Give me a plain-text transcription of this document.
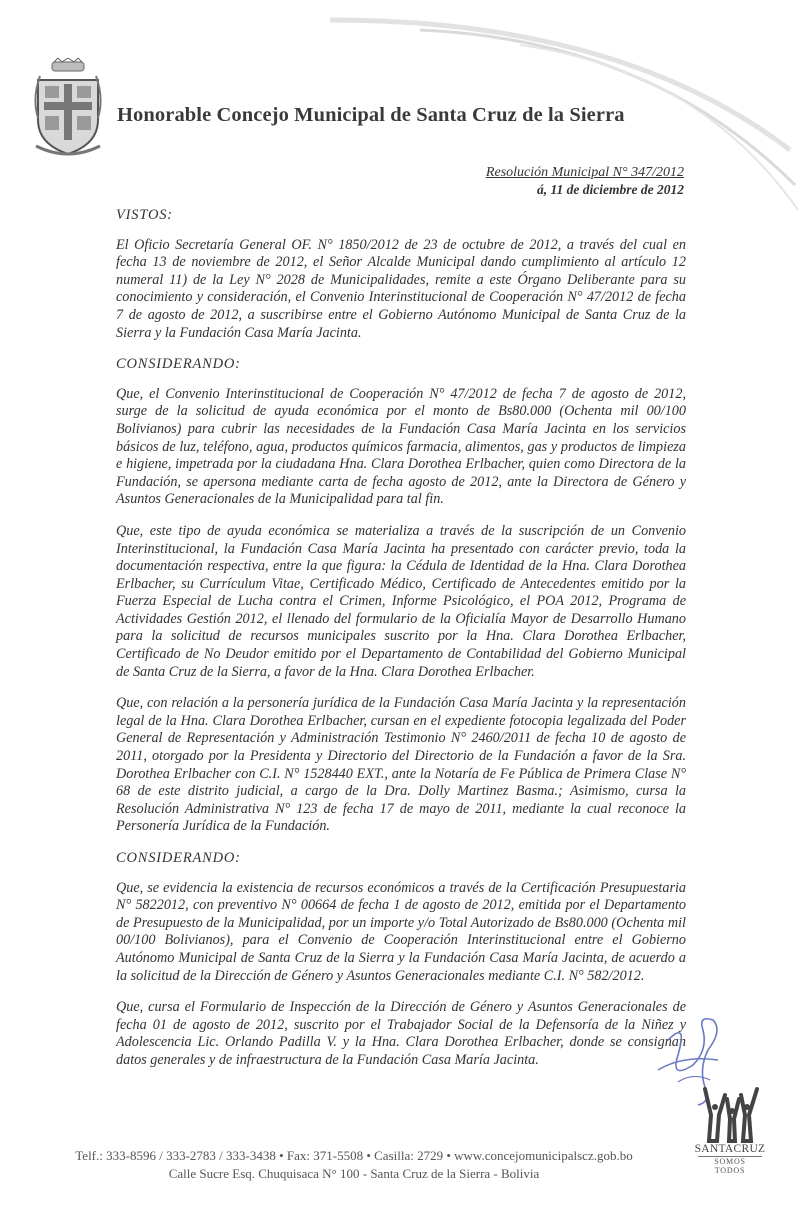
Honorable Concejo Municipal de Santa Cruz de la Sierra
Resolución Municipal N° 347/2012
á, 11 de diciembre de 2012
VISTOS:

El Oficio Secretaría General OF. N° 1850/2012 de 23 de octubre de 2012, a través del cual en fecha 13 de noviembre de 2012, el Señor Alcalde Municipal dando cumplimiento al artículo 12 numeral 11) de la Ley N° 2028 de Municipalidades, remite a este Órgano Deliberante para su conocimiento y consideración, el Convenio Interinstitucional de Cooperación N° 47/2012 de fecha 7 de agosto de 2012, a suscribirse entre el Gobierno Autónomo Municipal de Santa Cruz de la Sierra y la Fundación Casa María Jacinta.

CONSIDERANDO:

Que, el Convenio Interinstitucional de Cooperación N° 47/2012 de fecha 7 de agosto de 2012, surge de la solicitud de ayuda económica por el monto de Bs80.000 (Ochenta mil 00/100 Bolivianos) para cubrir las necesidades de la Fundación Casa María Jacinta en los servicios básicos de luz, teléfono, agua, productos químicos farmacia, alimentos, gas y productos de limpieza e higiene, impetrada por la ciudadana Hna. Clara Dorothea Erlbacher, quien como Directora de la Fundación, se apersona mediante carta de fecha agosto de 2012, ante la Directora de Género y Asuntos Generacionales de la Municipalidad para tal fin.

Que, este tipo de ayuda económica se materializa a través de la suscripción de un Convenio Interinstitucional, la Fundación Casa María Jacinta ha presentado con carácter previo, toda la documentación respectiva, entre la que figura: la Cédula de Identidad de la Hna. Clara Dorothea Erlbacher, su Currículum Vitae, Certificado Médico, Certificado de Antecedentes emitido por la Fuerza Especial de Lucha contra el Crimen, Informe Psicológico, el POA 2012, Programa de Actividades Gestión 2012, el llenado del formulario de la Oficialía Mayor de Desarrollo Humano para la solicitud de recursos municipales suscrito por la Hna. Clara Dorothea Erlbacher, Certificado de No Deudor emitido por el Departamento de Contabilidad del Gobierno Municipal de Santa Cruz de la Sierra, a favor de la Hna. Clara Dorothea Erlbacher.

Que, con relación a la personería jurídica de la Fundación Casa María Jacinta y la representación legal de la Hna. Clara Dorothea Erlbacher, cursan en el expediente fotocopia legalizada del Poder General de Representación y Administración Testimonio N° 2460/2011 de fecha 10 de agosto de 2011, otorgado por la Presidenta y Directorio del Directorio de la Fundación a favor de la Sra. Dorothea Erlbacher con C.I. N° 1528440 EXT., ante la Notaría de Fe Pública de Primera Clase N° 68 de este distrito judicial, a cargo de la Dra. Dolly Martinez Basma.; Asimismo, cursa la Resolución Administrativa N° 123 de fecha 17 de mayo de 2011, mediante la cual reconoce la Personería Jurídica de la Fundación.

CONSIDERANDO:

Que, se evidencia la existencia de recursos económicos a través de la Certificación Presupuestaria N° 5822012, con preventivo N° 00664 de fecha 1 de agosto de 2012, emitida por el Departamento de Presupuesto de la Municipalidad, por un importe y/o Total Autorizado de Bs80.000 (Ochenta mil 00/100 Bolivianos), para el Convenio de Cooperación Interinstitucional entre el Gobierno Autónomo Municipal de Santa Cruz de la Sierra y la Fundación Casa María Jacinta, de acuerdo a la solicitud de la Dirección de Género y Asuntos Generacionales mediante C.I. N° 582/2012.

Que, cursa el Formulario de Inspección de la Dirección de Género y Asuntos Generacionales de fecha 01 de agosto de 2012, suscrito por el Trabajador Social de la Defensoría de la Niñez y Adolescencia Lic. Orlando Padilla V. y la Hna. Clara Dorothea Erlbacher, donde se consignan datos generales y de infraestructura de la Fundación Casa María Jacinta.

Telf.: 333-8596 / 333-2783 / 333-3438 • Fax: 371-5508 • Casilla: 2729 • www.concejomunicipalscz.gob.bo
Calle Sucre Esq. Chuquisaca N° 100 - Santa Cruz de la Sierra - Bolivia
SANTACRUZ
SOMOS TODOS
